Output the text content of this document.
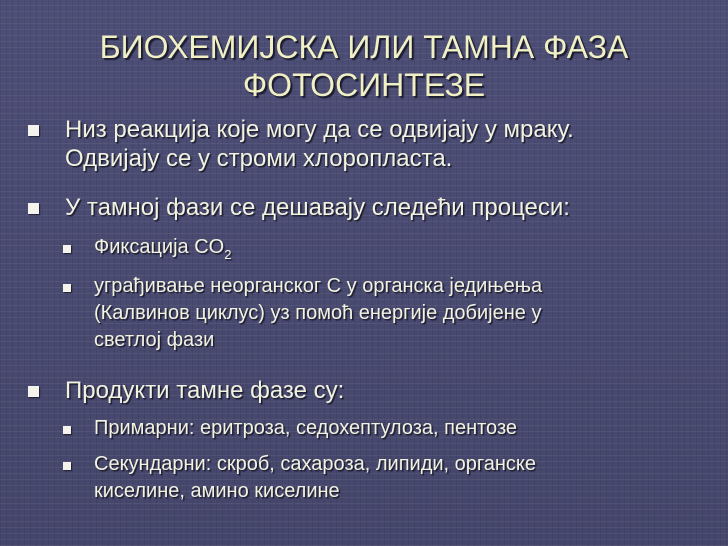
БИОХЕМИЈСКА ИЛИ ТАМНА ФАЗА
ФОТОСИНТЕЗЕ
Низ реакција које могу да се одвијају у мраку.
Одвијају се у строми хлоропласта.
У тамној фази се дешавају следећи процеси:
Фиксација $CO_2$
уграђивање неорганског С у органска једињења
(Калвинов циклус) уз помоћ енергије добијене у
светлој фази
Продукти тамне фазе су:
Примарни: еритроза, седохептулоза, пентозе
Секундарни: скроб, сахароза, липиди, органске
киселине, амино киселине
